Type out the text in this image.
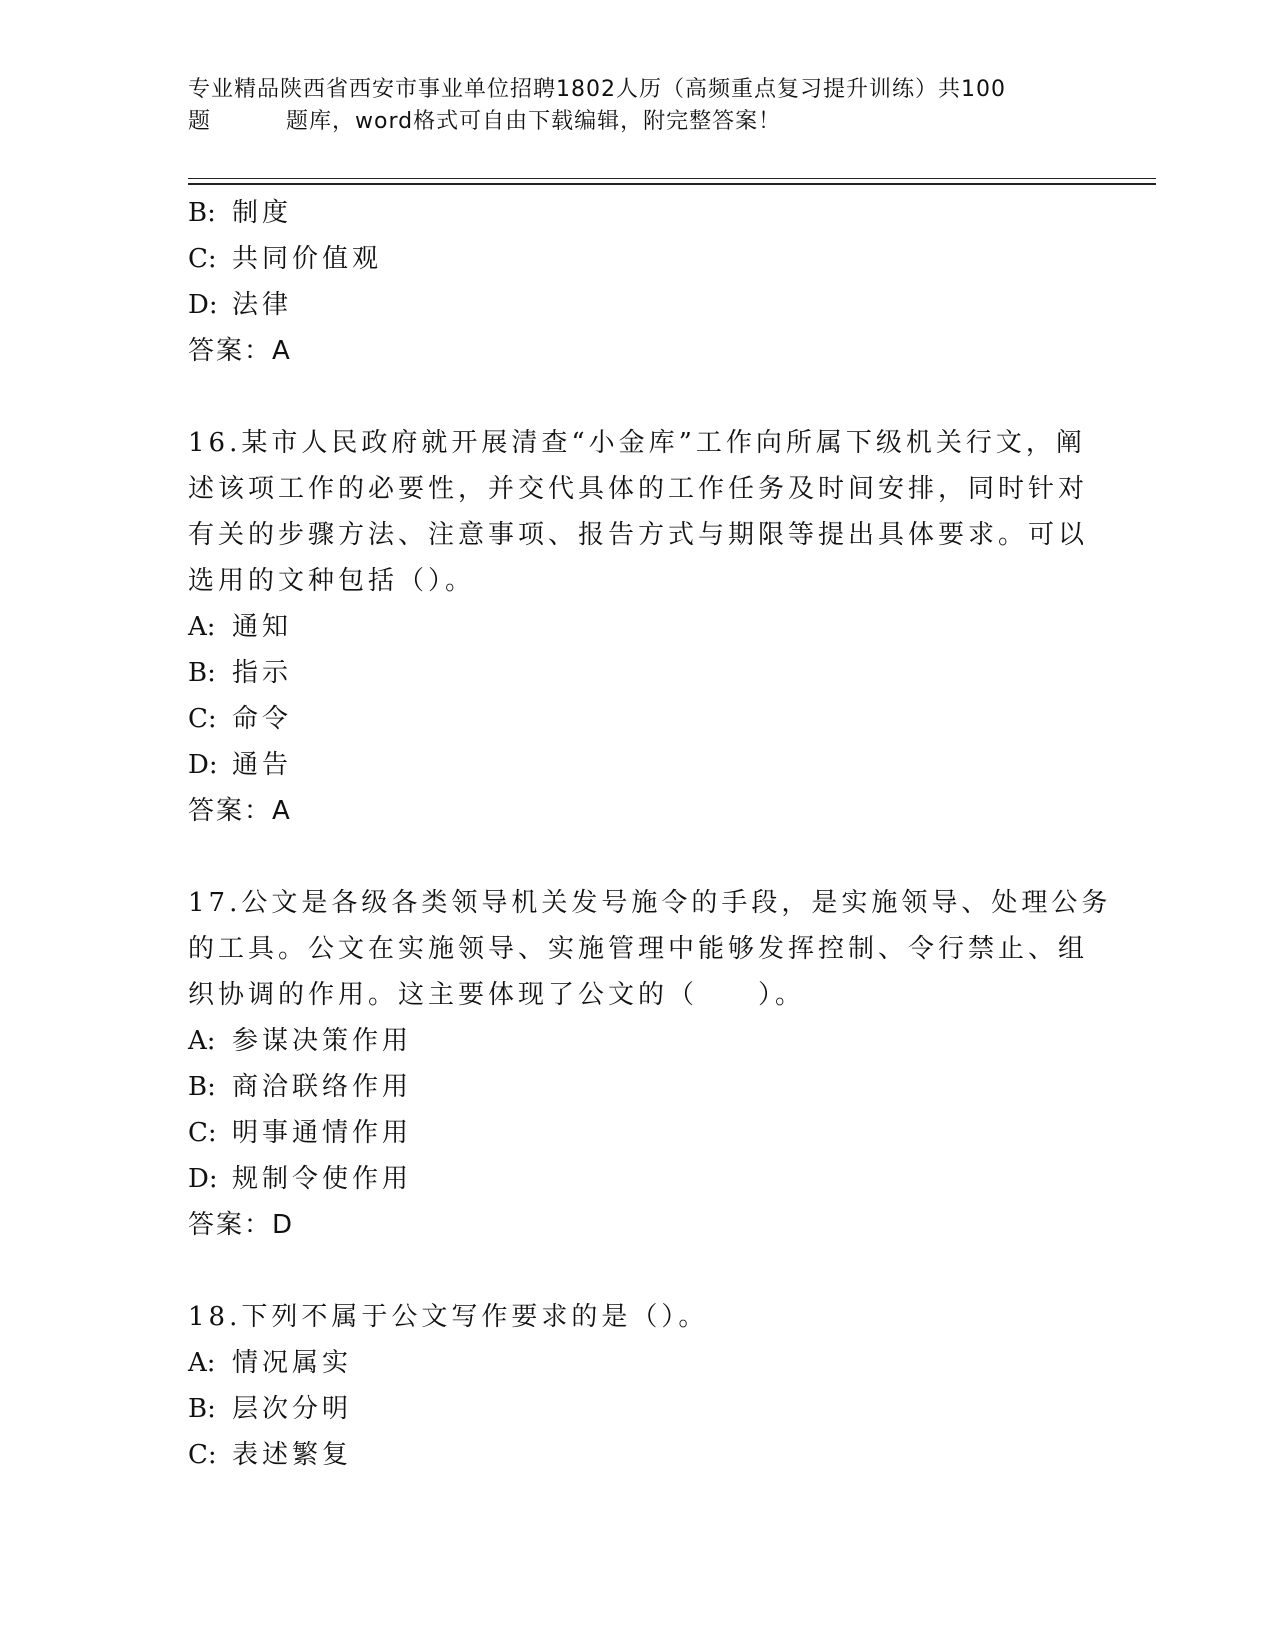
专业精品陕西省西安市事业单位招聘1802人历（高频重点复习提升训练）共100
题	题库，word格式可自由下载编辑，附完整答案！
B: 制度
C: 共同价值观
D: 法律
答案：A
16.某市人民政府就开展清查“小金库”工作向所属下级机关行文，阐
述该项工作的必要性，并交代具体的工作任务及时间安排，同时针对
有关的步骤方法、注意事项、报告方式与期限等提出具体要求。可以
选用的文种包括（）。
A: 通知
B: 指示
C: 命令
D: 通告
答案：A
17.公文是各级各类领导机关发号施令的手段，是实施领导、处理公务
的工具。公文在实施领导、实施管理中能够发挥控制、令行禁止、组
织协调的作用。这主要体现了公文的（　　）。
A: 参谋决策作用
B: 商洽联络作用
C: 明事通情作用
D: 规制令使作用
答案：D
18.下列不属于公文写作要求的是（）。
A: 情况属实
B: 层次分明
C: 表述繁复
